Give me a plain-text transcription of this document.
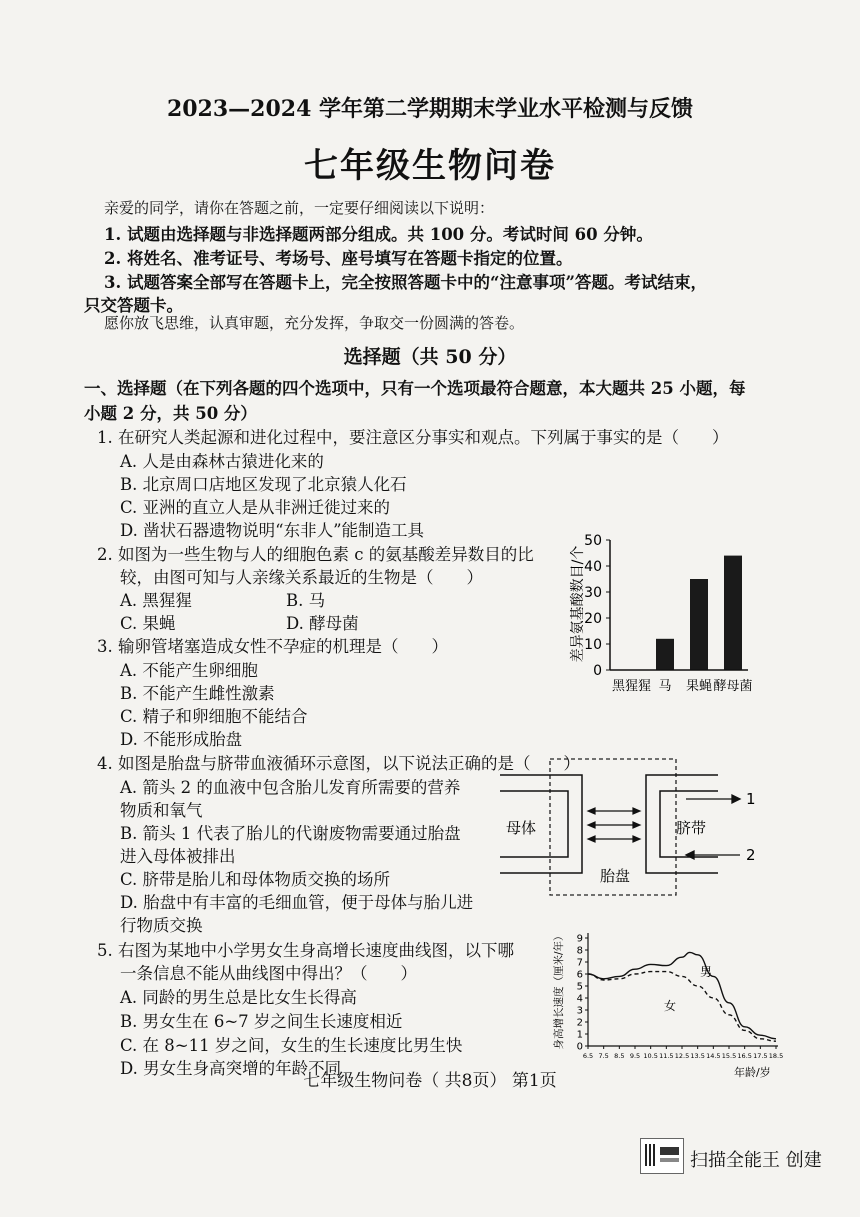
2023—2024 学年第二学期期末学业水平检测与反馈
七年级生物问卷
亲爱的同学，请你在答题之前，一定要仔细阅读以下说明：
1. 试题由选择题与非选择题两部分组成。共 100 分。考试时间 60 分钟。
2. 将姓名、准考证号、考场号、座号填写在答题卡指定的位置。
3. 试题答案全部写在答题卡上，完全按照答题卡中的“注意事项”答题。考试结束，
只交答题卡。
愿你放飞思维，认真审题，充分发挥，争取交一份圆满的答卷。
选择题（共 50 分）
一、选择题（在下列各题的四个选项中，只有一个选项最符合题意，本大题共 25 小题，每
小题 2 分，共 50 分）
1. 在研究人类起源和进化过程中，要注意区分事实和观点。下列属于事实的是（　　）
A. 人是由森林古猿进化来的
B. 北京周口店地区发现了北京猿人化石
C. 亚洲的直立人是从非洲迁徙过来的
D. 凿状石器遗物说明“东非人”能制造工具
2. 如图为一些生物与人的细胞色素 c 的氨基酸差异数目的比
较，由图可知与人亲缘关系最近的生物是（　　）
A. 黑猩猩	B. 马
C. 果蝇	D. 酵母菌
3. 输卵管堵塞造成女性不孕症的机理是（　　）
A. 不能产生卵细胞
B. 不能产生雌性激素
C. 精子和卵细胞不能结合
D. 不能形成胎盘
4. 如图是胎盘与脐带血液循环示意图，以下说法正确的是（　　）
A. 箭头 2 的血液中包含胎儿发育所需要的营养
物质和氧气
B. 箭头 1 代表了胎儿的代谢废物需要通过胎盘
进入母体被排出
C. 脐带是胎儿和母体物质交换的场所
D. 胎盘中有丰富的毛细血管，便于母体与胎儿进
行物质交换
5. 右图为某地中小学男女生身高增长速度曲线图，以下哪
一条信息不能从曲线图中得出？（　　）
A. 同龄的男生总是比女生长得高
B. 男女生在 6~7 岁之间生长速度相近
C. 在 8~11 岁之间，女生的生长速度比男生快
D. 男女生身高突增的年龄不同
差异氨基酸数目/个
0
10
20
30
40
50
黑猩猩 马 果蝇 酵母菌
1
2
母体	脐带
胎盘
身高增长速度（厘米/年） 0
1
2
3
4
5
6
7
8
9
6.5 7.5 8.5 9.5 10.5 11.5 12.5 13.5 14.5 15.5 16.5 17.5 18.5
男
女
年龄/岁
七年级生物问卷（ 共8页） 第1页
扫描全能王 创建
